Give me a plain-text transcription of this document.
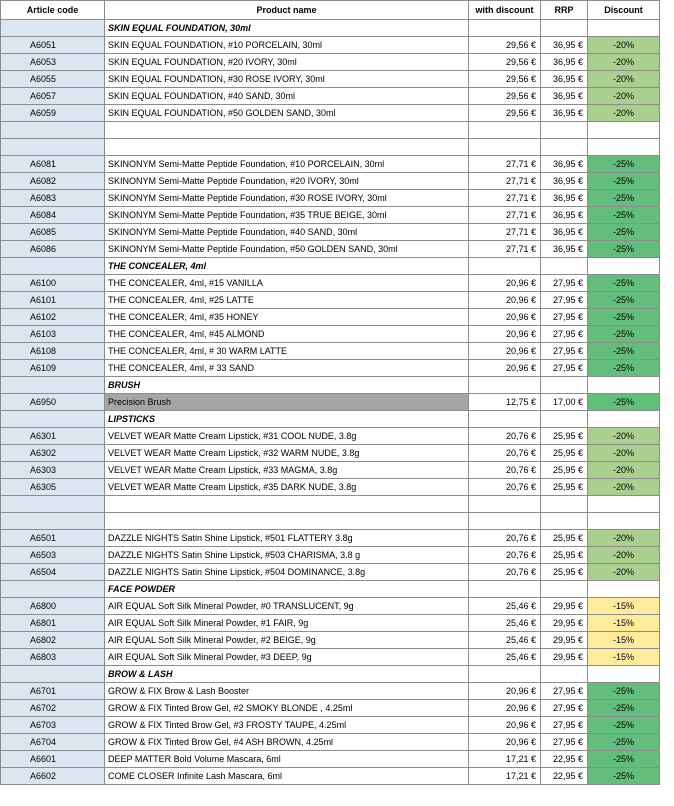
Article code	Product name	with discount	RRP	Discount
	SKIN EQUAL FOUNDATION, 30ml			
A6051	SKIN EQUAL FOUNDATION, #10 PORCELAIN, 30ml	29,56 €	36,95 €	-20%
A6053	SKIN EQUAL FOUNDATION, #20 IVORY, 30ml	29,56 €	36,95 €	-20%
A6055	SKIN EQUAL FOUNDATION, #30 ROSE IVORY, 30ml	29,56 €	36,95 €	-20%
A6057	SKIN EQUAL FOUNDATION, #40 SAND, 30ml	29,56 €	36,95 €	-20%
A6059	SKIN EQUAL FOUNDATION, #50 GOLDEN SAND, 30ml	29,56 €	36,95 €	-20%

A6081	SKINONYM Semi-Matte Peptide Foundation, #10 PORCELAIN, 30ml	27,71 €	36,95 €	-25%
A6082	SKINONYM Semi-Matte Peptide Foundation, #20 IVORY, 30ml	27,71 €	36,95 €	-25%
A6083	SKINONYM Semi-Matte Peptide Foundation, #30 ROSE IVORY, 30ml	27,71 €	36,95 €	-25%
A6084	SKINONYM Semi-Matte Peptide Foundation, #35 TRUE BEIGE, 30ml	27,71 €	36,95 €	-25%
A6085	SKINONYM Semi-Matte Peptide Foundation, #40 SAND, 30ml	27,71 €	36,95 €	-25%
A6086	SKINONYM Semi-Matte Peptide Foundation, #50 GOLDEN SAND, 30ml	27,71 €	36,95 €	-25%
	THE CONCEALER, 4ml			
A6100	THE CONCEALER, 4ml, #15 VANILLA	20,96 €	27,95 €	-25%
A6101	THE CONCEALER, 4ml, #25 LATTE	20,96 €	27,95 €	-25%
A6102	THE CONCEALER, 4ml, #35 HONEY	20,96 €	27,95 €	-25%
A6103	THE CONCEALER, 4ml, #45 ALMOND	20,96 €	27,95 €	-25%
A6108	THE CONCEALER, 4ml, # 30 WARM LATTE	20,96 €	27,95 €	-25%
A6109	THE CONCEALER, 4ml, # 33 SAND	20,96 €	27,95 €	-25%
	BRUSH			
A6950	Precision Brush	12,75 €	17,00 €	-25%
	LIPSTICKS			
A6301	VELVET WEAR Matte Cream Lipstick, #31 COOL NUDE, 3.8g	20,76 €	25,95 €	-20%
A6302	VELVET WEAR Matte Cream Lipstick, #32 WARM NUDE, 3.8g	20,76 €	25,95 €	-20%
A6303	VELVET WEAR Matte Cream Lipstick, #33 MAGMA, 3.8g	20,76 €	25,95 €	-20%
A6305	VELVET WEAR Matte Cream Lipstick, #35 DARK NUDE, 3.8g	20,76 €	25,95 €	-20%

A6501	DAZZLE NIGHTS Satin Shine Lipstick, #501 FLATTERY 3.8g	20,76 €	25,95 €	-20%
A6503	DAZZLE NIGHTS Satin Shine Lipstick, #503 CHARISMA, 3.8 g	20,76 €	25,95 €	-20%
A6504	DAZZLE NIGHTS Satin Shine Lipstick, #504 DOMINANCE, 3.8g	20,76 €	25,95 €	-20%
	FACE POWDER			
A6800	AIR EQUAL Soft Silk Mineral Powder, #0 TRANSLUCENT, 9g	25,46 €	29,95 €	-15%
A6801	AIR EQUAL Soft Silk Mineral Powder, #1 FAIR, 9g	25,46 €	29,95 €	-15%
A6802	AIR EQUAL Soft Silk Mineral Powder, #2 BEIGE, 9g	25,46 €	29,95 €	-15%
A6803	AIR EQUAL Soft Silk Mineral Powder, #3 DEEP, 9g	25,46 €	29,95 €	-15%
	BROW & LASH			
A6701	GROW & FIX Brow & Lash Booster	20,96 €	27,95 €	-25%
A6702	GROW & FIX Tinted Brow Gel, #2 SMOKY BLONDE , 4.25ml	20,96 €	27,95 €	-25%
A6703	GROW & FIX Tinted Brow Gel, #3 FROSTY TAUPE, 4.25ml	20,96 €	27,95 €	-25%
A6704	GROW & FIX Tinted Brow Gel, #4 ASH BROWN, 4.25ml	20,96 €	27,95 €	-25%
A6601	DEEP MATTER Bold Volume Mascara, 6ml	17,21 €	22,95 €	-25%
A6602	COME CLOSER Infinite Lash Mascara, 6ml	17,21 €	22,95 €	-25%
